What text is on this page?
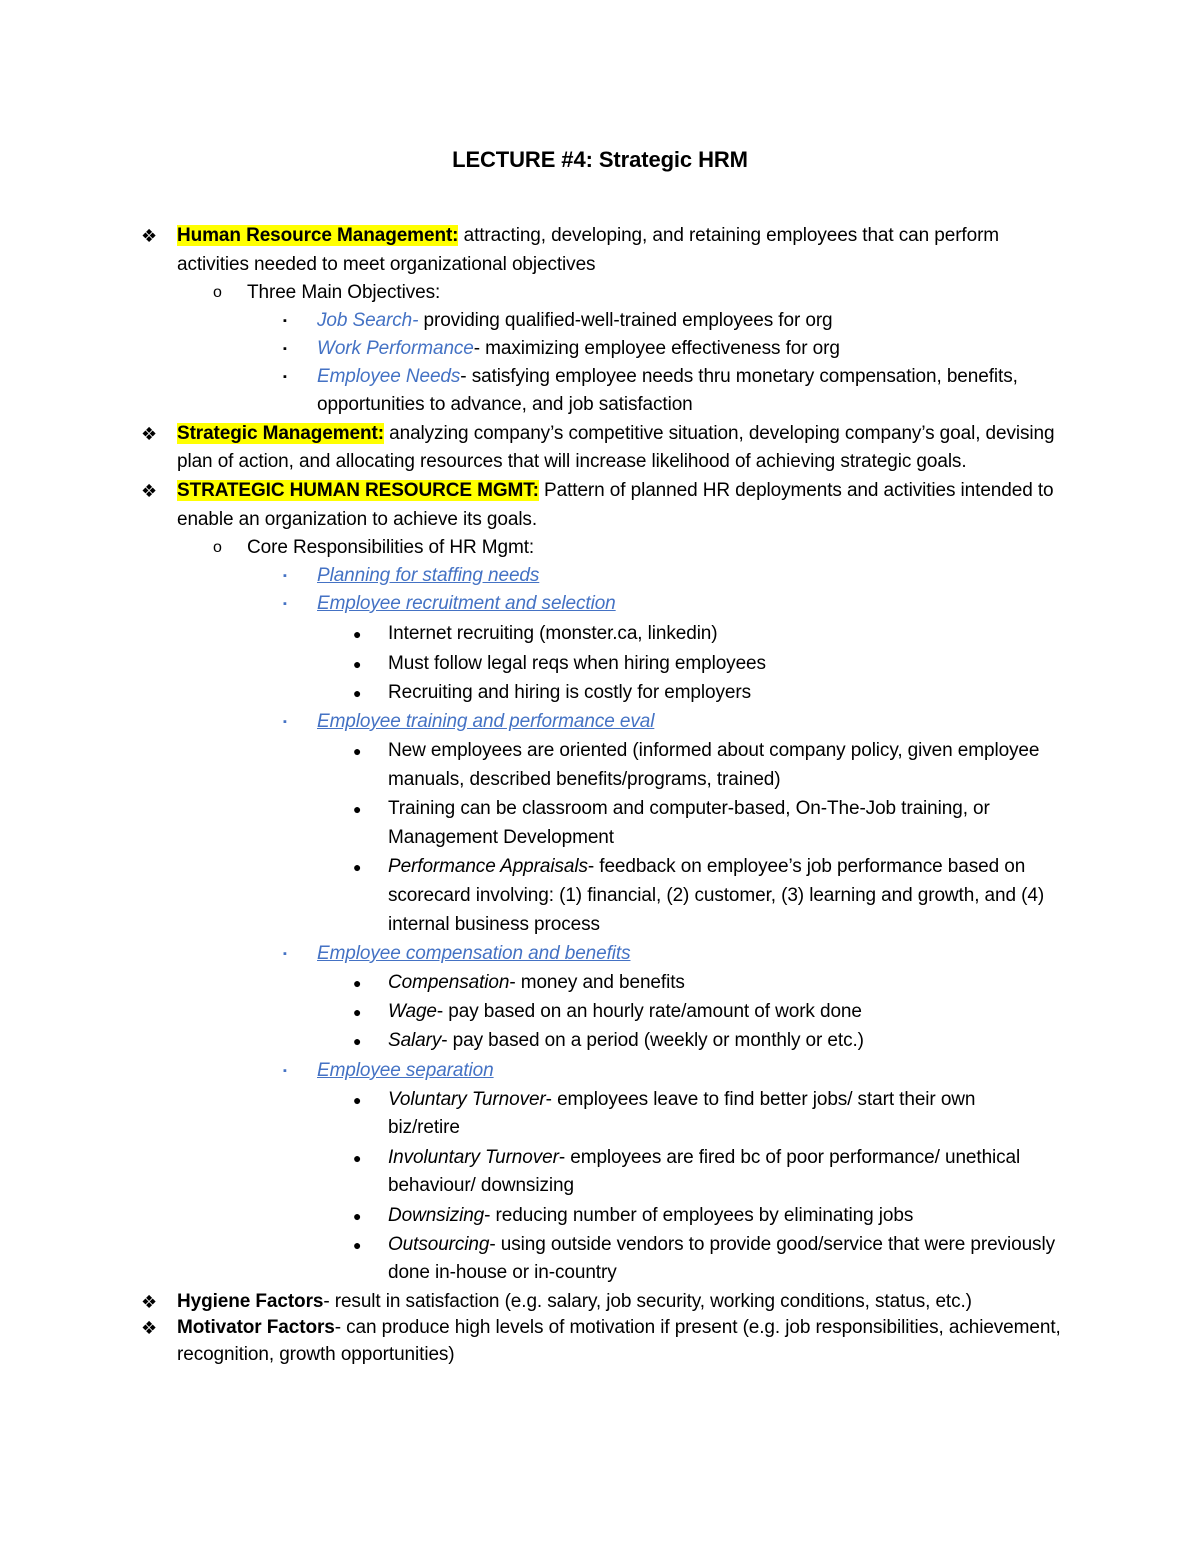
LECTURE #4: Strategic HRM
❖ Human Resource Management: attracting, developing, and retaining employees that can perform
activities needed to meet organizational objectives
o Three Main Objectives:
▪ Job Search- providing qualified-well-trained employees for org
▪ Work Performance- maximizing employee effectiveness for org
▪ Employee Needs- satisfying employee needs thru monetary compensation, benefits,
opportunities to advance, and job satisfaction
❖ Strategic Management: analyzing company’s competitive situation, developing company’s goal, devising
plan of action, and allocating resources that will increase likelihood of achieving strategic goals.
❖ STRATEGIC HUMAN RESOURCE MGMT: Pattern of planned HR deployments and activities intended to
enable an organization to achieve its goals.
o Core Responsibilities of HR Mgmt:
▪ Planning for staffing needs
▪ Employee recruitment and selection
● Internet recruiting (monster.ca, linkedin)
● Must follow legal reqs when hiring employees
● Recruiting and hiring is costly for employers
▪ Employee training and performance eval
● New employees are oriented (informed about company policy, given employee
manuals, described benefits/programs, trained)
● Training can be classroom and computer-based, On-The-Job training, or
Management Development
● Performance Appraisals- feedback on employee’s job performance based on
scorecard involving: (1) financial, (2) customer, (3) learning and growth, and (4)
internal business process
▪ Employee compensation and benefits
● Compensation- money and benefits
● Wage- pay based on an hourly rate/amount of work done
● Salary- pay based on a period (weekly or monthly or etc.)
▪ Employee separation
● Voluntary Turnover- employees leave to find better jobs/ start their own
biz/retire
● Involuntary Turnover- employees are fired bc of poor performance/ unethical
behaviour/ downsizing
● Downsizing- reducing number of employees by eliminating jobs
● Outsourcing- using outside vendors to provide good/service that were previously
done in-house or in-country
❖ Hygiene Factors- result in satisfaction (e.g. salary, job security, working conditions, status, etc.)
❖ Motivator Factors- can produce high levels of motivation if present (e.g. job responsibilities, achievement,
recognition, growth opportunities)
